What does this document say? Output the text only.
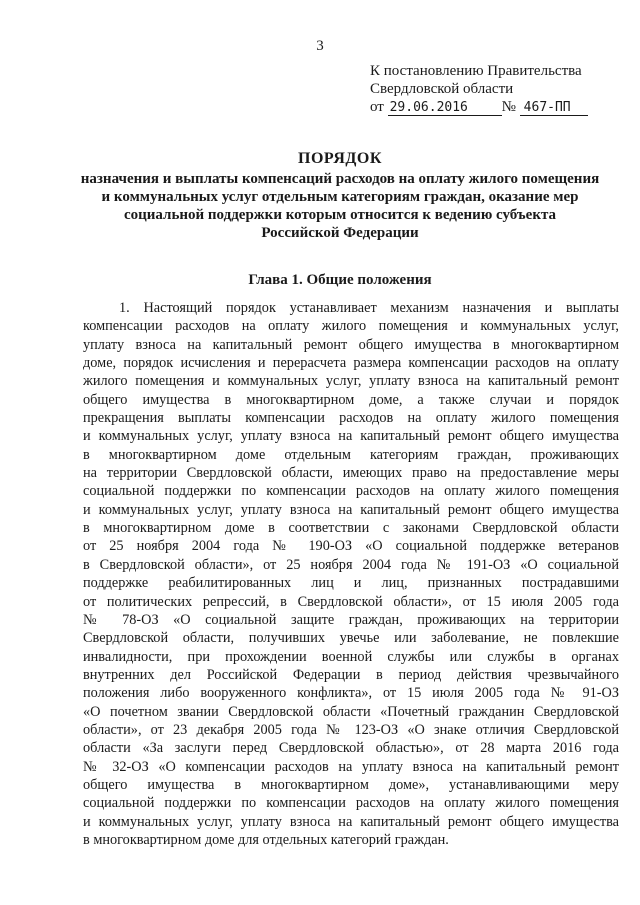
3
К постановлению Правительства
Свердловской области
от 29.06.2016 № 467-ПП
ПОРЯДОК
назначения и выплаты компенсаций расходов на оплату жилого помещения
и коммунальных услуг отдельным категориям граждан, оказание мер
социальной поддержки которым относится к ведению субъекта
Российской Федерации
Глава 1. Общие положения
1. Настоящий порядок устанавливает механизм назначения и выплаты
компенсации расходов на оплату жилого помещения и коммунальных услуг,
уплату взноса на капитальный ремонт общего имущества в многоквартирном
доме, порядок исчисления и перерасчета размера компенсации расходов на оплату
жилого помещения и коммунальных услуг, уплату взноса на капитальный ремонт
общего имущества в многоквартирном доме, а также случаи и порядок
прекращения выплаты компенсации расходов на оплату жилого помещения
и коммунальных услуг, уплату взноса на капитальный ремонт общего имущества
в многоквартирном доме отдельным категориям граждан, проживающих
на территории Свердловской области, имеющих право на предоставление меры
социальной поддержки по компенсации расходов на оплату жилого помещения
и коммунальных услуг, уплату взноса на капитальный ремонт общего имущества
в многоквартирном доме в соответствии с законами Свердловской области
от 25 ноября 2004 года № 190-ОЗ «О социальной поддержке ветеранов
в Свердловской области», от 25 ноября 2004 года № 191-ОЗ «О социальной
поддержке реабилитированных лиц и лиц, признанных пострадавшими
от политических репрессий, в Свердловской области», от 15 июля 2005 года
№ 78-ОЗ «О социальной защите граждан, проживающих на территории
Свердловской области, получивших увечье или заболевание, не повлекшие
инвалидности, при прохождении военной службы или службы в органах
внутренних дел Российской Федерации в период действия чрезвычайного
положения либо вооруженного конфликта», от 15 июля 2005 года № 91-ОЗ
«О почетном звании Свердловской области «Почетный гражданин Свердловской
области», от 23 декабря 2005 года № 123-ОЗ «О знаке отличия Свердловской
области «За заслуги перед Свердловской областью», от 28 марта 2016 года
№ 32-ОЗ «О компенсации расходов на уплату взноса на капитальный ремонт
общего имущества в многоквартирном доме», устанавливающими меру
социальной поддержки по компенсации расходов на оплату жилого помещения
и коммунальных услуг, уплату взноса на капитальный ремонт общего имущества
в многоквартирном доме для отдельных категорий граждан.
